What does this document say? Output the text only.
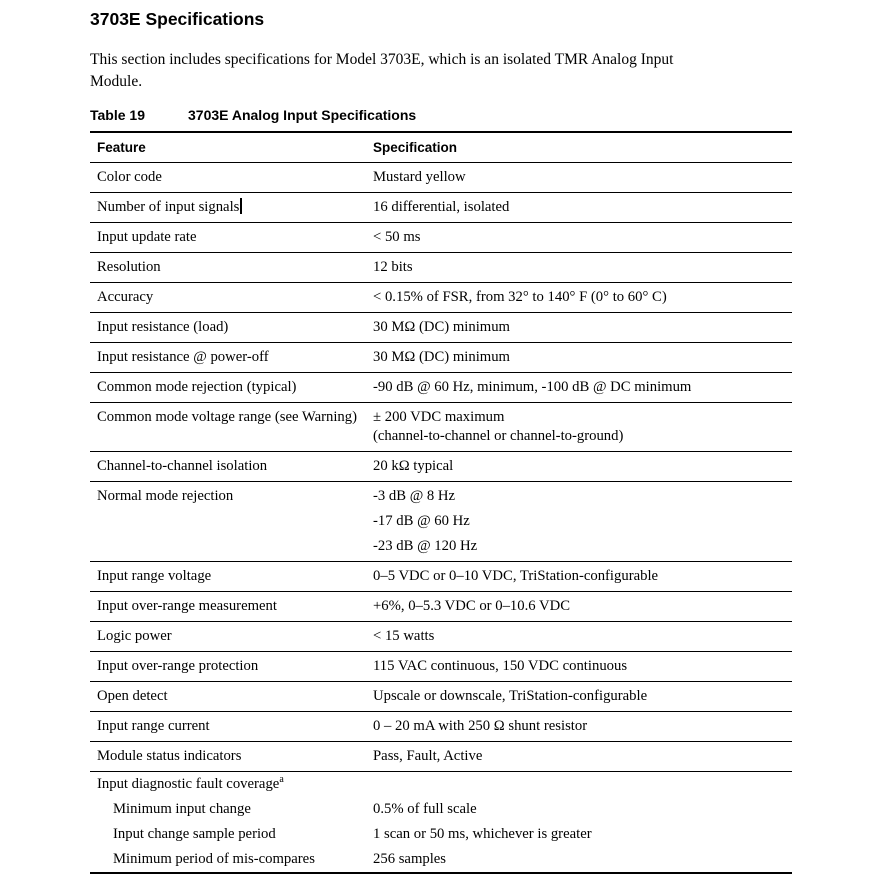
3703E Specifications

This section includes specifications for Model 3703E, which is an isolated TMR Analog Input
Module.

Table 19	3703E Analog Input Specifications
Feature	Specification
Color code	Mustard yellow

Number of input signals	16 differential, isolated

Input update rate	< 50 ms

Resolution	12 bits

Accuracy	< 0.15% of FSR, from 32° to 140° F (0° to 60° C)

Input resistance (load)	30 MΩ (DC) minimum

Input resistance @ power-off	30 MΩ (DC) minimum

Common mode rejection (typical)	-90 dB @ 60 Hz, minimum, -100 dB @ DC minimum

Common mode voltage range (see Warning)	± 200 VDC maximum
(channel-to-channel or channel-to-ground)

Channel-to-channel isolation	20 kΩ typical

Normal mode rejection	-3 dB @ 8 Hz
-17 dB @ 60 Hz
-23 dB @ 120 Hz

Input range voltage	0–5 VDC or 0–10 VDC, TriStation-configurable

Input over-range measurement	+6%, 0–5.3 VDC or 0–10.6 VDC

Logic power	< 15 watts

Input over-range protection	115 VAC continuous, 150 VDC continuous

Open detect	Upscale or downscale, TriStation-configurable

Input range current	0 – 20 mA with 250 Ω shunt resistor

Module status indicators	Pass, Fault, Active

Input diagnostic fault coverage$^a$	
Minimum input change	0.5% of full scale

Input change sample period	1 scan or 50 ms, whichever is greater

Minimum period of mis-compares	256 samples
